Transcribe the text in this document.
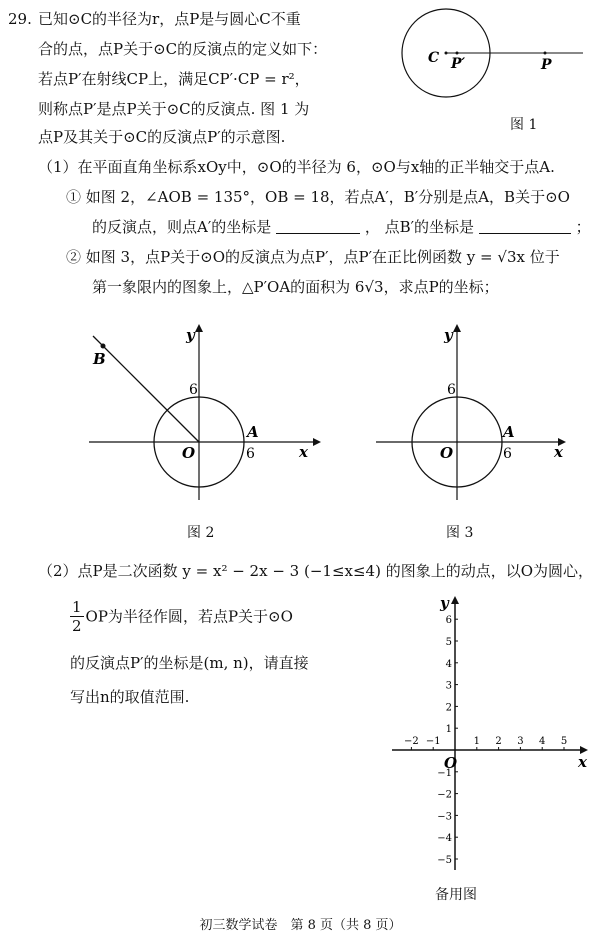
29. 已知⊙C的半径为r，点P是与圆心C不重
合的点，点P关于⊙C的反演点的定义如下：
若点P′在射线CP上，满足CP′·CP = r²，
则称点P′是点P关于⊙C的反演点. 图 1 为
点P及其关于⊙C的反演点P′的示意图.
C P′	P
图 1
（1）在平面直角坐标系xOy中，⊙O的半径为 6，⊙O与x轴的正半轴交于点A.
① 如图 2，∠AOB = 135°，OB = 18，若点A′，B′分别是点A，B关于⊙O
的反演点，则点A′的坐标是	， 点B′的坐标是	；
② 如图 3，点P关于⊙O的反演点为点P′，点P′在正比例函数 y = √3x 位于
第一象限内的图象上，△P′OA的面积为 6√3，求点P的坐标；
B
y
6
O
A
6	x
图 2
y
6
O
A
6	x
图 3
（2）点P是二次函数 y = x² − 2x − 3 (−1≤x≤4) 的图象上的动点，以O为圆心，
$\frac{1}{2}$ OP为半径作圆，若点P关于⊙O
的反演点P′的坐标是(m, n)，请直接
写出n的取值范围.
−2 −1	1 2 3 4 5
6
5
4
3
2
1
−1
−2
−3
−4
−5
y
O	x
备用图
初三数学试卷　第 8 页（共 8 页）
